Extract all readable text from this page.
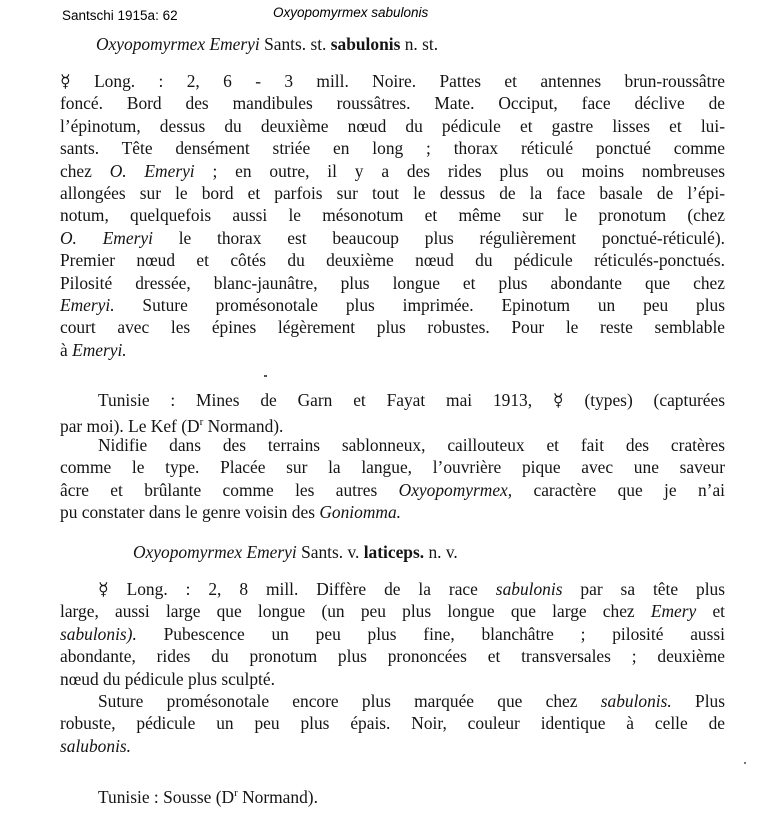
Santschi 1915a: 62	Oxyopomyrmex sabulonis
Oxyopomyrmex Emeryi Sants. st. sabulonis n. st.
☿ Long. : 2, 6 - 3 mill. Noire. Pattes et antennes brun-roussâtre
foncé. Bord des mandibules roussâtres. Mate. Occiput, face déclive de
l’épinotum, dessus du deuxième nœud du pédicule et gastre lisses et lui-
sants. Tête densément striée en long ; thorax réticulé ponctué comme
chez O. Emeryi ; en outre, il y a des rides plus ou moins nombreuses
allongées sur le bord et parfois sur tout le dessus de la face basale de l’épi-
notum, quelquefois aussi le mésonotum et même sur le pronotum (chez
O. Emeryi le thorax est beaucoup plus régulièrement ponctué-réticulé).
Premier nœud et côtés du deuxième nœud du pédicule réticulés-ponctués.
Pilosité dressée, blanc-jaunâtre, plus longue et plus abondante que chez
Emeryi. Suture promésonotale plus imprimée. Epinotum un peu plus
court avec les épines légèrement plus robustes. Pour le reste semblable
à Emeryi.
Tunisie : Mines de Garn et Fayat mai 1913, ☿ (types) (capturées
par moi). Le Kef ($D^r$ Normand).
Nidifie dans des terrains sablonneux, caillouteux et fait des cratères
comme le type. Placée sur la langue, l’ouvrière pique avec une saveur
âcre et brûlante comme les autres Oxyopomyrmex, caractère que je n’ai
pu constater dans le genre voisin des Goniomma.
Oxyopomyrmex Emeryi Sants. v. laticeps. n. v.
☿ Long. : 2, 8 mill. Diffère de la race sabulonis par sa tête plus
large, aussi large que longue (un peu plus longue que large chez Emery et
sabulonis). Pubescence un peu plus fine, blanchâtre ; pilosité aussi
abondante, rides du pronotum plus prononcées et transversales ; deuxième
nœud du pédicule plus sculpté.
Suture promésonotale encore plus marquée que chez sabulonis. Plus
robuste, pédicule un peu plus épais. Noir, couleur identique à celle de
salubonis.
Tunisie : Sousse ($D^r$ Normand).
